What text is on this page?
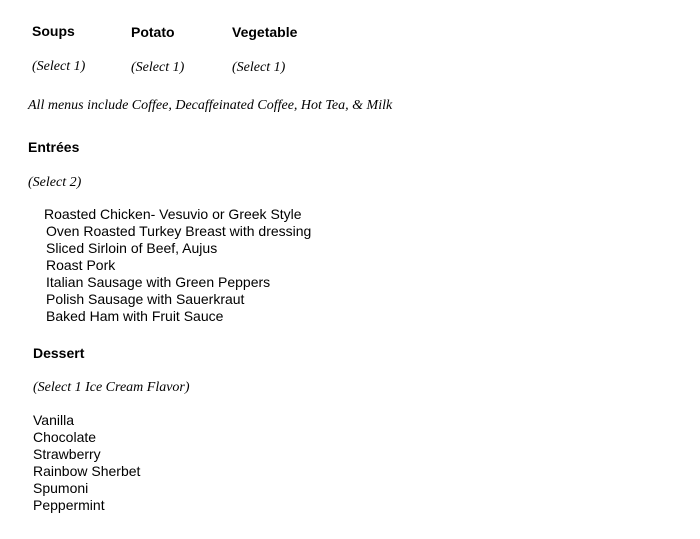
Soups	Potato	Vegetable
(Select 1)	(Select 1)	(Select 1)
All menus include Coffee, Decaffeinated Coffee, Hot Tea, & Milk
Entrées
(Select 2)
Roasted Chicken- Vesuvio or Greek Style
Oven Roasted Turkey Breast with dressing
Sliced Sirloin of Beef, Aujus
Roast Pork
Italian Sausage with Green Peppers
Polish Sausage with Sauerkraut
Baked Ham with Fruit Sauce
Dessert
(Select 1 Ice Cream Flavor)
Vanilla
Chocolate
Strawberry
Rainbow Sherbet
Spumoni
Peppermint
